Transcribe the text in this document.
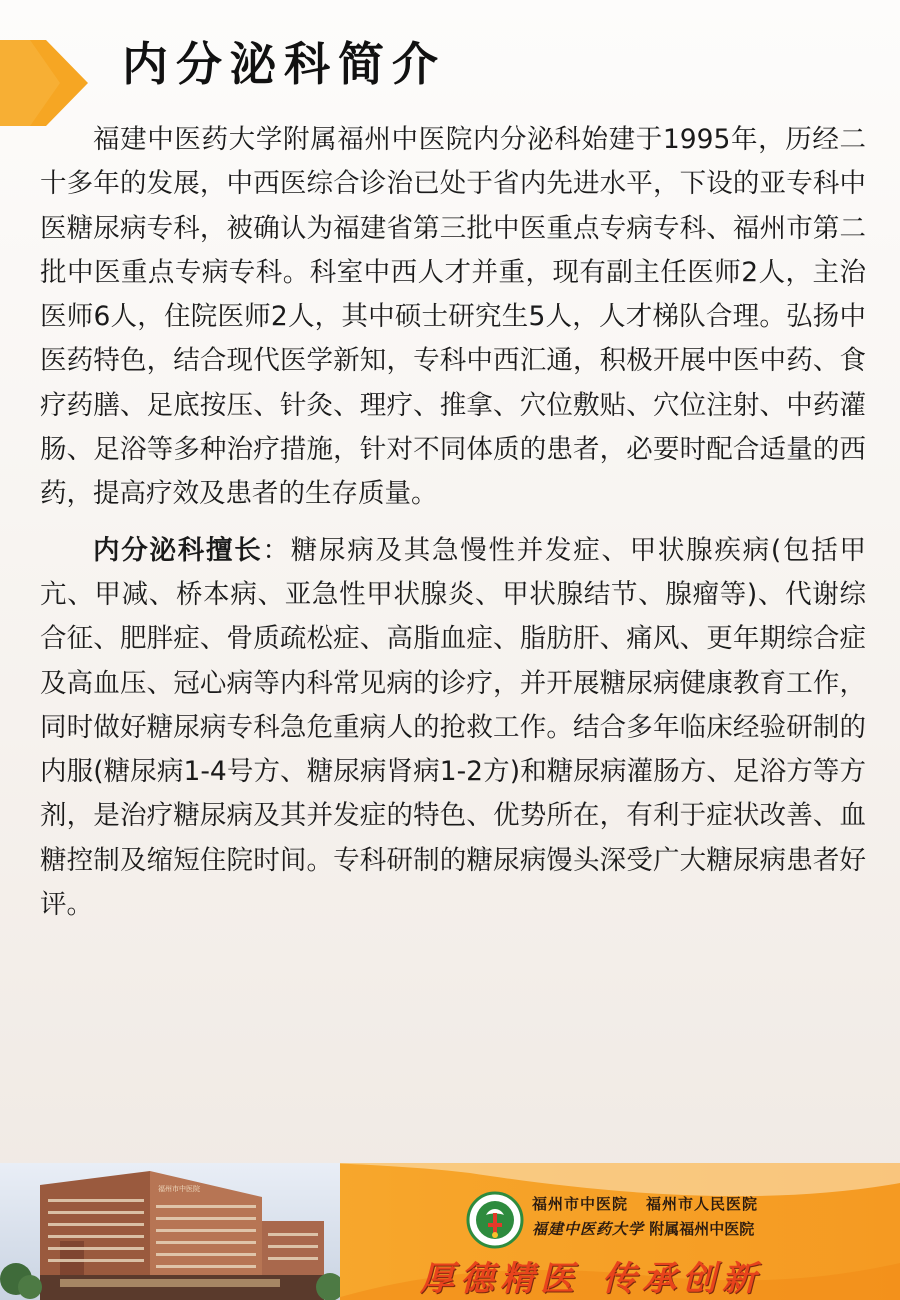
内分泌科简介

福建中医药大学附属福州中医院内分泌科始建于1995年，历经二十多年的发展，中西医综合诊治已处于省内先进水平，下设的亚专科中医糖尿病专科，被确认为福建省第三批中医重点专病专科、福州市第二批中医重点专病专科。科室中西人才并重，现有副主任医师2人，主治医师6人，住院医师2人，其中硕士研究生5人，人才梯队合理。弘扬中医药特色，结合现代医学新知，专科中西汇通，积极开展中医中药、食疗药膳、足底按压、针灸、理疗、推拿、穴位敷贴、穴位注射、中药灌肠、足浴等多种治疗措施，针对不同体质的患者，必要时配合适量的西药，提高疗效及患者的生存质量。

内分泌科擅长：糖尿病及其急慢性并发症、甲状腺疾病(包括甲亢、甲减、桥本病、亚急性甲状腺炎、甲状腺结节、腺瘤等)、代谢综合征、肥胖症、骨质疏松症、高脂血症、脂肪肝、痛风、更年期综合症及高血压、冠心病等内科常见病的诊疗，并开展糖尿病健康教育工作，同时做好糖尿病专科急危重病人的抢救工作。结合多年临床经验研制的内服(糖尿病1-4号方、糖尿病肾病1-2方)和糖尿病灌肠方、足浴方等方剂，是治疗糖尿病及其并发症的特色、优势所在，有利于症状改善、血糖控制及缩短住院时间。专科研制的糖尿病馒头深受广大糖尿病患者好评。

福州市中医院
福州市中医院 福州市人民医院
福建中医药大学 附属福州中医院
厚德精医 传承创新
